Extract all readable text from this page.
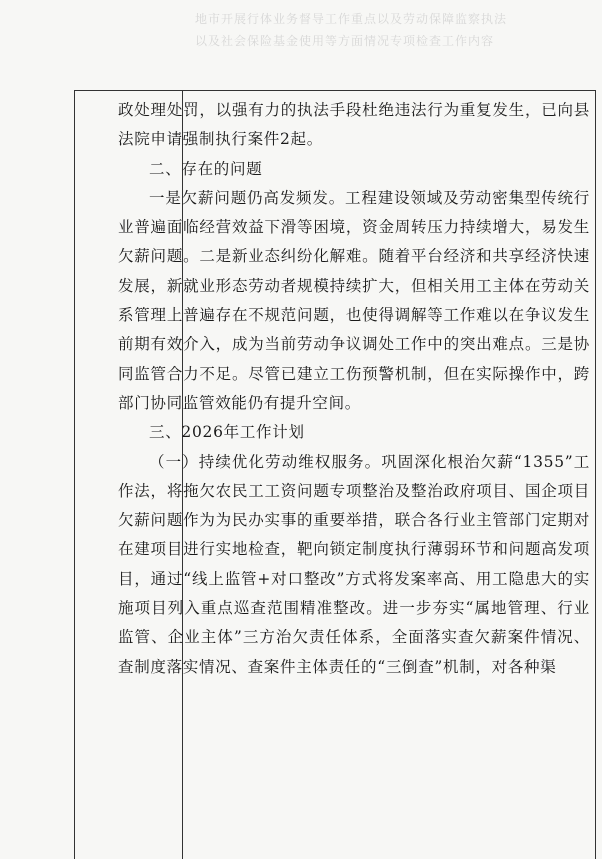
地市开展行体业务督导工作重点以及劳动保障监察执法
以及社会保险基金使用等方面情况专项检查工作内容

政处理处罚，以强有力的执法手段杜绝违法行为重复发生，已向县法院申请强制执行案件2起。

二、存在的问题

一是欠薪问题仍高发频发。工程建设领域及劳动密集型传统行业普遍面临经营效益下滑等困境，资金周转压力持续增大，易发生欠薪问题。二是新业态纠纷化解难。随着平台经济和共享经济快速发展，新就业形态劳动者规模持续扩大，但相关用工主体在劳动关系管理上普遍存在不规范问题，也使得调解等工作难以在争议发生前期有效介入，成为当前劳动争议调处工作中的突出难点。三是协同监管合力不足。尽管已建立工伤预警机制，但在实际操作中，跨部门协同监管效能仍有提升空间。

三、2026年工作计划

（一）持续优化劳动维权服务。巩固深化根治欠薪“1355”工作法，将拖欠农民工工资问题专项整治及整治政府项目、国企项目欠薪问题作为为民办实事的重要举措，联合各行业主管部门定期对在建项目进行实地检查，靶向锁定制度执行薄弱环节和问题高发项目，通过“线上监管+对口整改”方式将发案率高、用工隐患大的实施项目列入重点巡查范围精准整改。进一步夯实“属地管理、行业监管、企业主体”三方治欠责任体系，全面落实查欠薪案件情况、查制度落实情况、查案件主体责任的“三倒查”机制，对各种渠
